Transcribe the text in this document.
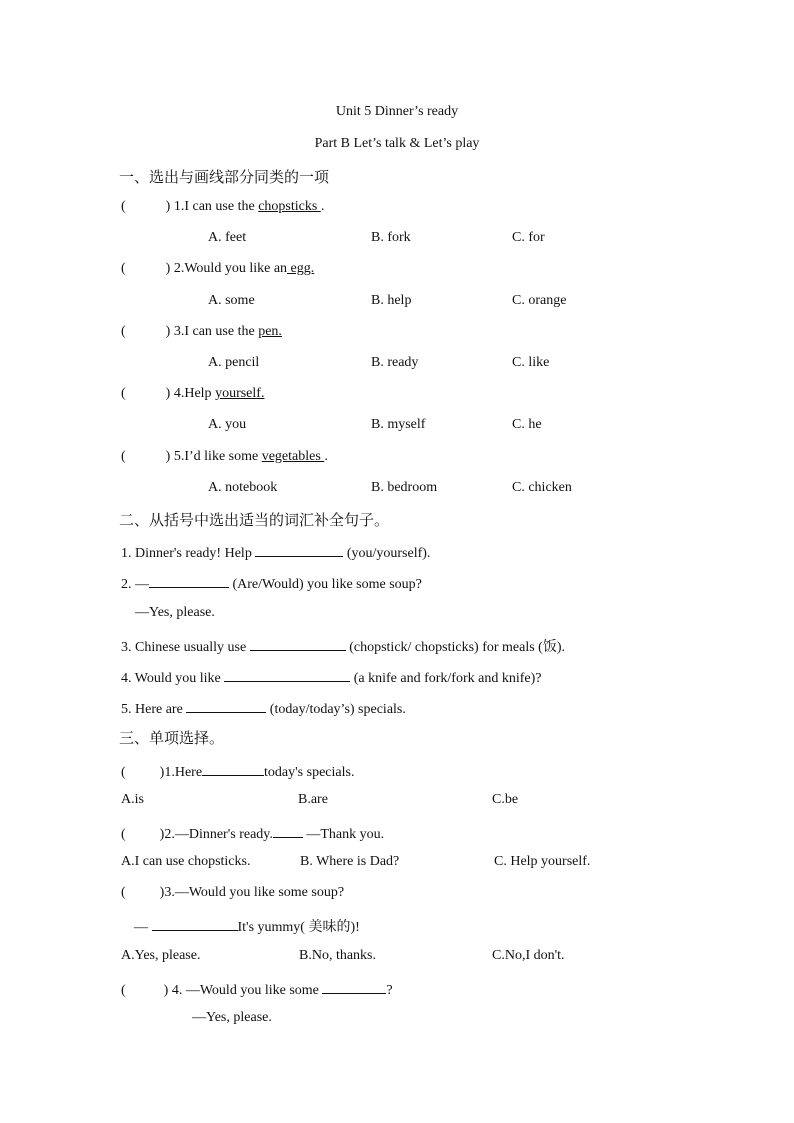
Unit 5 Dinner’s ready
Part B Let’s talk & Let’s play
一、选出与画线部分同类的一项
(	) 1.I can use the chopsticks .
A. feet	B. fork	C. for
(	) 2.Would you like an egg.
A. some	B. help	C. orange
(	) 3.I can use the pen.
A. pencil	B. ready	C. like
(	) 4.Help yourself.
A. you	B. myself	C. he
(	) 5.I’d like some vegetables .
A. notebook	B. bedroom	C. chicken
二、从括号中选出适当的词汇补全句子。
1. Dinner's ready! Help	(you/yourself).
2. —	(Are/Would) you like some soup?
—Yes, please.
3. Chinese usually use	(chopstick/ chopsticks) for meals (饭).
4. Would you like	(a knife and fork/fork and knife)?
5. Here are	(today/today’s) specials.
三、单项选择。
( )1.Here	today's specials.
A.is	B.are	C.be
( )2.—Dinner's ready. —Thank you.
A.I can use chopsticks.	B. Where is Dad?	C. Help yourself.
( )3.—Would you like some soup?
—	It's yummy( 美味的)!
A.Yes, please.	B.No, thanks.	C.No,I don't.
(	) 4. —Would you like some	?
—Yes, please.
